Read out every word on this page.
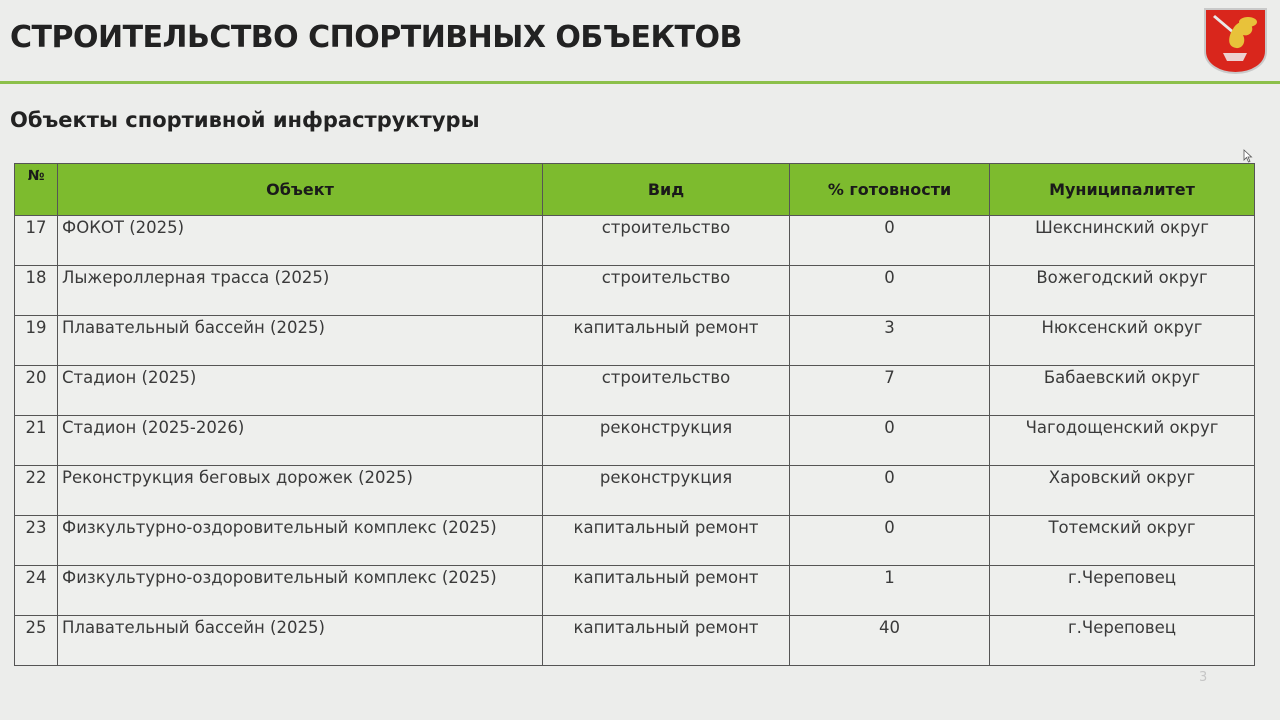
СТРОИТЕЛЬСТВО СПОРТИВНЫХ ОБЪЕКТОВ
Объекты спортивной инфраструктуры
№	Объект	Вид	% готовности	Муниципалитет
17	ФОКОТ (2025)	строительство	0	Шекснинский округ
18	Лыжероллерная трасса (2025)	строительство	0	Вожегодский округ
19	Плавательный бассейн (2025)	капитальный ремонт	3	Нюксенский округ
20	Стадион (2025)	строительство	7	Бабаевский округ
21	Стадион (2025-2026)	реконструкция	0	Чагодощенский округ
22	Реконструкция беговых дорожек (2025)	реконструкция	0	Харовский округ
23	Физкультурно-оздоровительный комплекс (2025)	капитальный ремонт	0	Тотемский округ
24	Физкультурно-оздоровительный комплекс (2025)	капитальный ремонт	1	г.Череповец
25	Плавательный бассейн (2025)	капитальный ремонт	40	г.Череповец
3
